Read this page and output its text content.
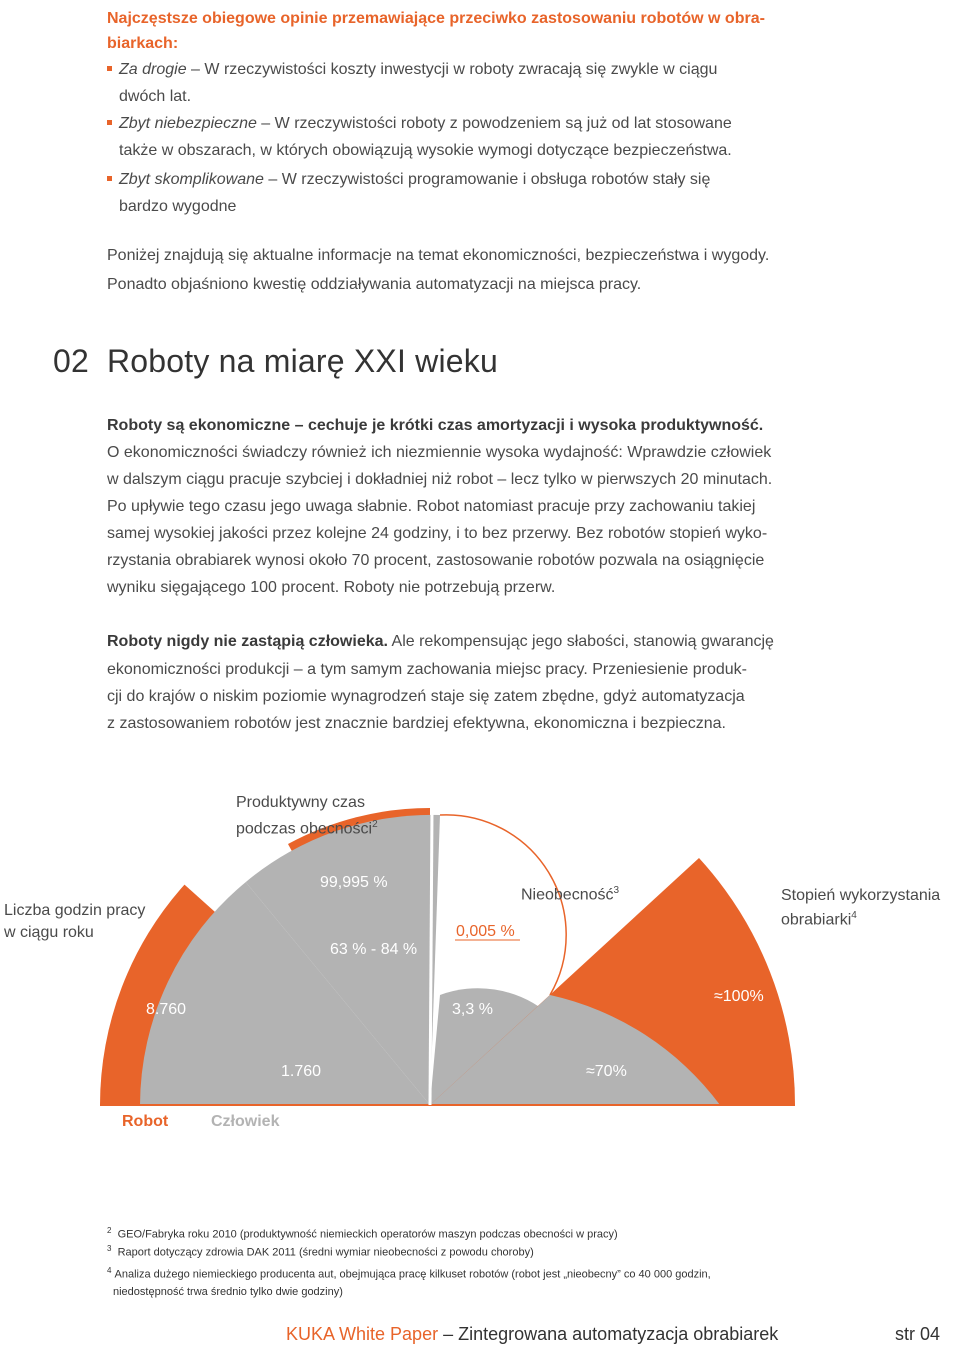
Najczęstsze obiegowe opinie przemawiające przeciwko zastosowaniu robotów w obra-
biarkach:
Za drogie – W rzeczywistości koszty inwestycji w roboty zwracają się zwykle w ciągu
dwóch lat.
Zbyt niebezpieczne – W rzeczywistości roboty z powodzeniem są już od lat stosowane
także w obszarach, w których obowiązują wysokie wymogi dotyczące bezpieczeństwa.
Zbyt skomplikowane – W rzeczywistości programowanie i obsługa robotów stały się
bardzo wygodne
Poniżej znajdują się aktualne informacje na temat ekonomiczności, bezpieczeństwa i wygody.
Ponadto objaśniono kwestię oddziaływania automatyzacji na miejsca pracy.
02 Roboty na miarę XXI wieku
Roboty są ekonomiczne – cechuje je krótki czas amortyzacji i wysoka produktywność.
O ekonomiczności świadczy również ich niezmiennie wysoka wydajność: Wprawdzie człowiek
w dalszym ciągu pracuje szybciej i dokładniej niż robot – lecz tylko w pierwszych 20 minutach.
Po upływie tego czasu jego uwaga słabnie. Robot natomiast pracuje przy zachowaniu takiej
samej wysokiej jakości przez kolejne 24 godziny, i to bez przerwy. Bez robotów stopień wyko-
rzystania obrabiarek wynosi około 70 procent, zastosowanie robotów pozwala na osiągnięcie
wyniku sięgającego 100 procent. Roboty nie potrzebują przerw.
Roboty nigdy nie zastąpią człowieka. Ale rekompensując jego słabości, stanowią gwarancję
ekonomiczności produkcji – a tym samym zachowania miejsc pracy. Przeniesienie produk-
cji do krajów o niskim poziomie wynagrodzeń staje się zatem zbędne, gdyż automatyzacja
z zastosowaniem robotów jest znacznie bardziej efektywna, ekonomiczna i bezpieczna.
Produktywny czas
podczas obecności$^2$
Liczba godzin pracy
w ciągu roku
Nieobecność$^3$	Stopień wykorzystania
obrabiarki$^4$
99,995 %
63 % - 84 %
0,005 %
3,3 %
8.760
1.760
≈100%
≈70%
Robot	Człowiek
$^2$ GEO/Fabryka roku 2010 (produktywność niemieckich operatorów maszyn podczas obecności w pracy)
$^3$ Raport dotyczący zdrowia DAK 2011 (średni wymiar nieobecności z powodu choroby)
$^4$ Analiza dużego niemieckiego producenta aut, obejmująca pracę kilkuset robotów (robot jest „nieobecny” co 40 000 godzin,
niedostępność trwa średnio tylko dwie godziny)
KUKA White Paper – Zintegrowana automatyzacja obrabiarek	str 04
